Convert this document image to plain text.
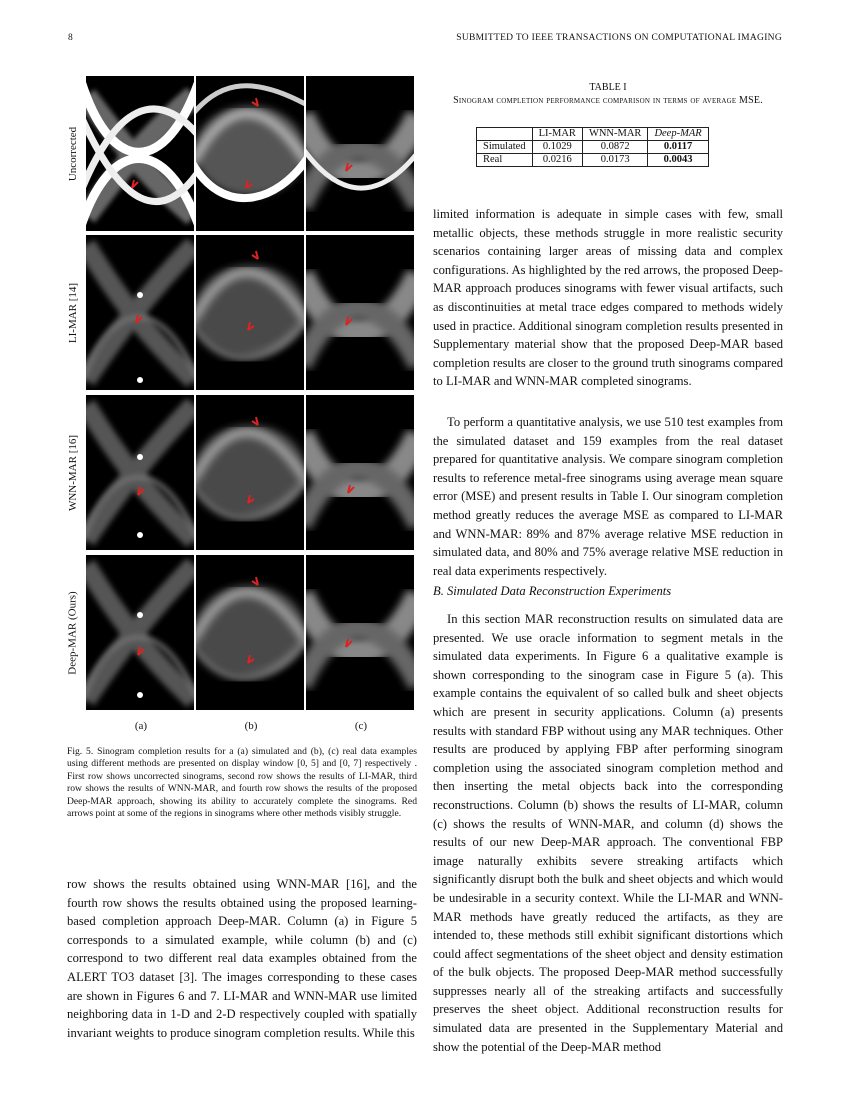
8	SUBMITTED TO IEEE TRANSACTIONS ON COMPUTATIONAL IMAGING
Uncorrected
LI-MAR [14]
WNN-MAR [16]
Deep-MAR (Ours)
(a)	(b)	(c)
Fig. 5. Sinogram completion results for a (a) simulated and (b), (c) real data examples using different methods are presented on display window [0, 5] and [0, 7] respectively . First row shows uncorrected sinograms, second row shows the results of LI-MAR, third row shows the results of WNN-MAR, and fourth row shows the results of the proposed Deep-MAR approach, showing its ability to accurately complete the sinograms. Red arrows point at some of the regions in sinograms where other methods visibly struggle.
row shows the results obtained using WNN-MAR [16], and the fourth row shows the results obtained using the proposed learning-based completion approach Deep-MAR. Column (a) in Figure 5 corresponds to a simulated example, while column (b) and (c) correspond to two different real data examples obtained from the ALERT TO3 dataset [3]. The images corresponding to these cases are shown in Figures 6 and 7. LI-MAR and WNN-MAR use limited neighboring data in 1-D and 2-D respectively coupled with spatially invariant weights to produce sinogram completion results. While this
TABLE I
Sinogram completion performance comparison in terms of average MSE.
	LI-MAR	WNN-MAR	Deep-MAR
Simulated	0.1029	0.0872	0.0117
Real	0.0216	0.0173	0.0043
limited information is adequate in simple cases with few, small metallic objects, these methods struggle in more realistic security scenarios containing larger areas of missing data and complex configurations. As highlighted by the red arrows, the proposed Deep-MAR approach produces sinograms with fewer visual artifacts, such as discontinuities at metal trace edges compared to methods widely used in practice. Additional sinogram completion results presented in Supplementary material show that the proposed Deep-MAR based completion results are closer to the ground truth sinograms compared to LI-MAR and WNN-MAR completed sinograms.
To perform a quantitative analysis, we use 510 test examples from the simulated dataset and 159 examples from the real dataset prepared for quantitative analysis. We compare sinogram completion results to reference metal-free sinograms using average mean square error (MSE) and present results in Table I. Our sinogram completion method greatly reduces the average MSE as compared to LI-MAR and WNN-MAR: 89% and 87% average relative MSE reduction in simulated data, and 80% and 75% average relative MSE reduction in real data experiments respectively.
B. Simulated Data Reconstruction Experiments
In this section MAR reconstruction results on simulated data are presented. We use oracle information to segment metals in the simulated data experiments. In Figure 6 a qualitative example is shown corresponding to the sinogram case in Figure 5 (a). This example contains the equivalent of so called bulk and sheet objects which are present in security applications. Column (a) presents results with standard FBP without using any MAR techniques. Other results are produced by applying FBP after performing sinogram completion using the associated sinogram completion method and then inserting the metal objects back into the corresponding reconstructions. Column (b) shows the results of LI-MAR, column (c) shows the results of WNN-MAR, and column (d) shows the results of our new Deep-MAR approach. The conventional FBP image naturally exhibits severe streaking artifacts which significantly disrupt both the bulk and sheet objects and which would be undesirable in a security context. While the LI-MAR and WNN-MAR methods have greatly reduced the artifacts, as they are intended to, these methods still exhibit significant distortions which could affect segmentations of the sheet object and density estimation of the bulk objects. The proposed Deep-MAR method successfully suppresses nearly all of the streaking artifacts and successfully preserves the sheet object. Additional reconstruction results for simulated data are presented in the Supplementary Material and show the potential of the Deep-MAR method
